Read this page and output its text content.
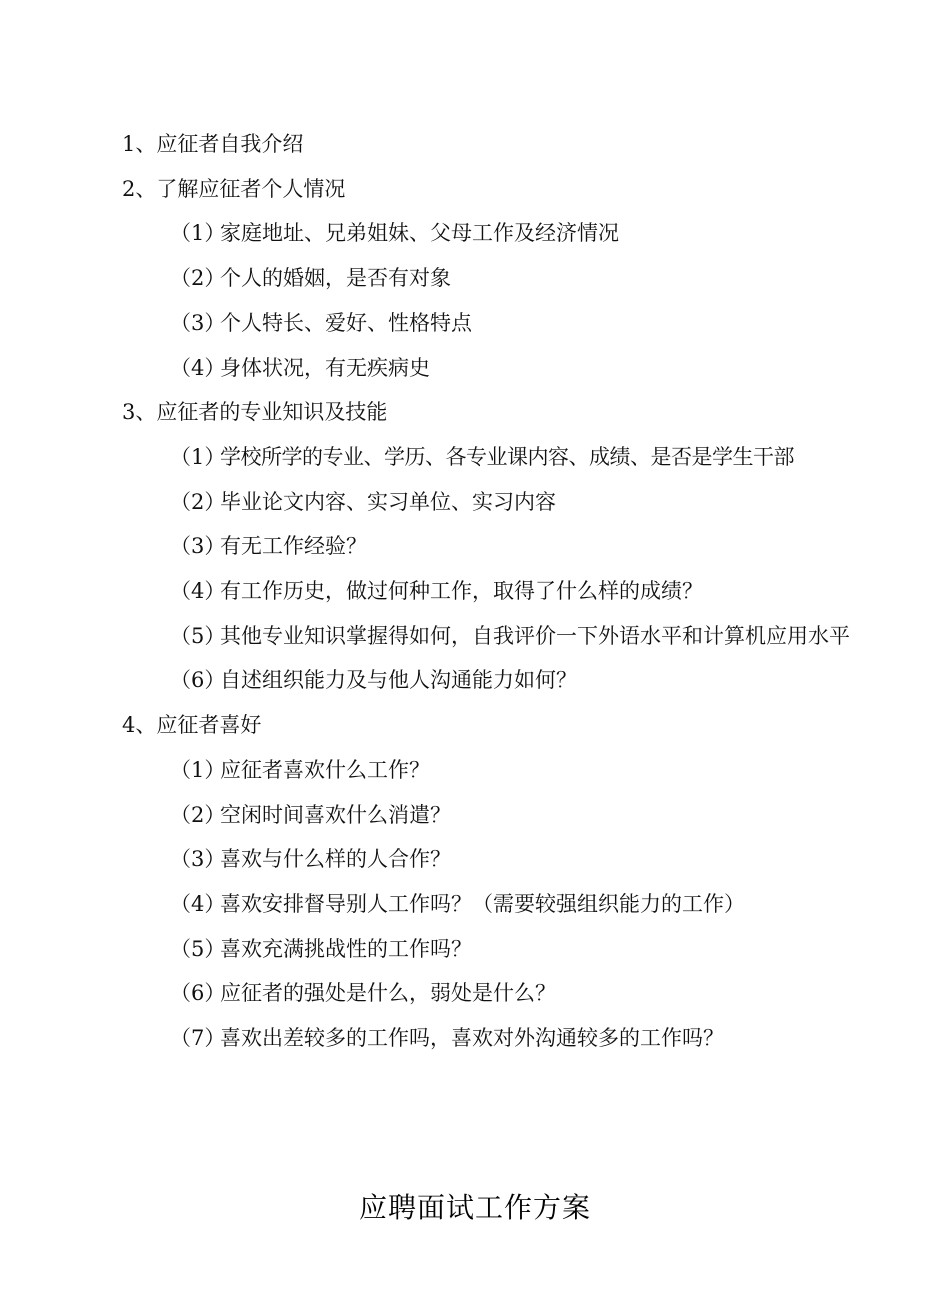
1、应征者自我介绍
2、了解应征者个人情况
（1）
家庭地址、兄弟姐妹、父母工作及经济情况
（2）
个人的婚姻，是否有对象
（3）
个人特长、爱好、性格特点
（4）
身体状况，有无疾病史
3、应征者的专业知识及技能
（1）
学校所学的专业、学历、各专业课内容、成绩、是否是学生干部
（2）
毕业论文内容、实习单位、实习内容
（3）
有无工作经验？
（4）
有工作历史，做过何种工作，取得了什么样的成绩？
（5）
其他专业知识掌握得如何，自我评价一下外语水平和计算机应用水平
（6）
自述组织能力及与他人沟通能力如何？
4、应征者喜好
（1）
应征者喜欢什么工作？
（2）
空闲时间喜欢什么消遣？
（3）
喜欢与什么样的人合作？
（4）
喜欢安排督导别人工作吗？（需要较强组织能力的工作）
（5）
喜欢充满挑战性的工作吗？
（6）
应征者的强处是什么，弱处是什么？
（7）
喜欢出差较多的工作吗，喜欢对外沟通较多的工作吗？
应聘面试工作方案
